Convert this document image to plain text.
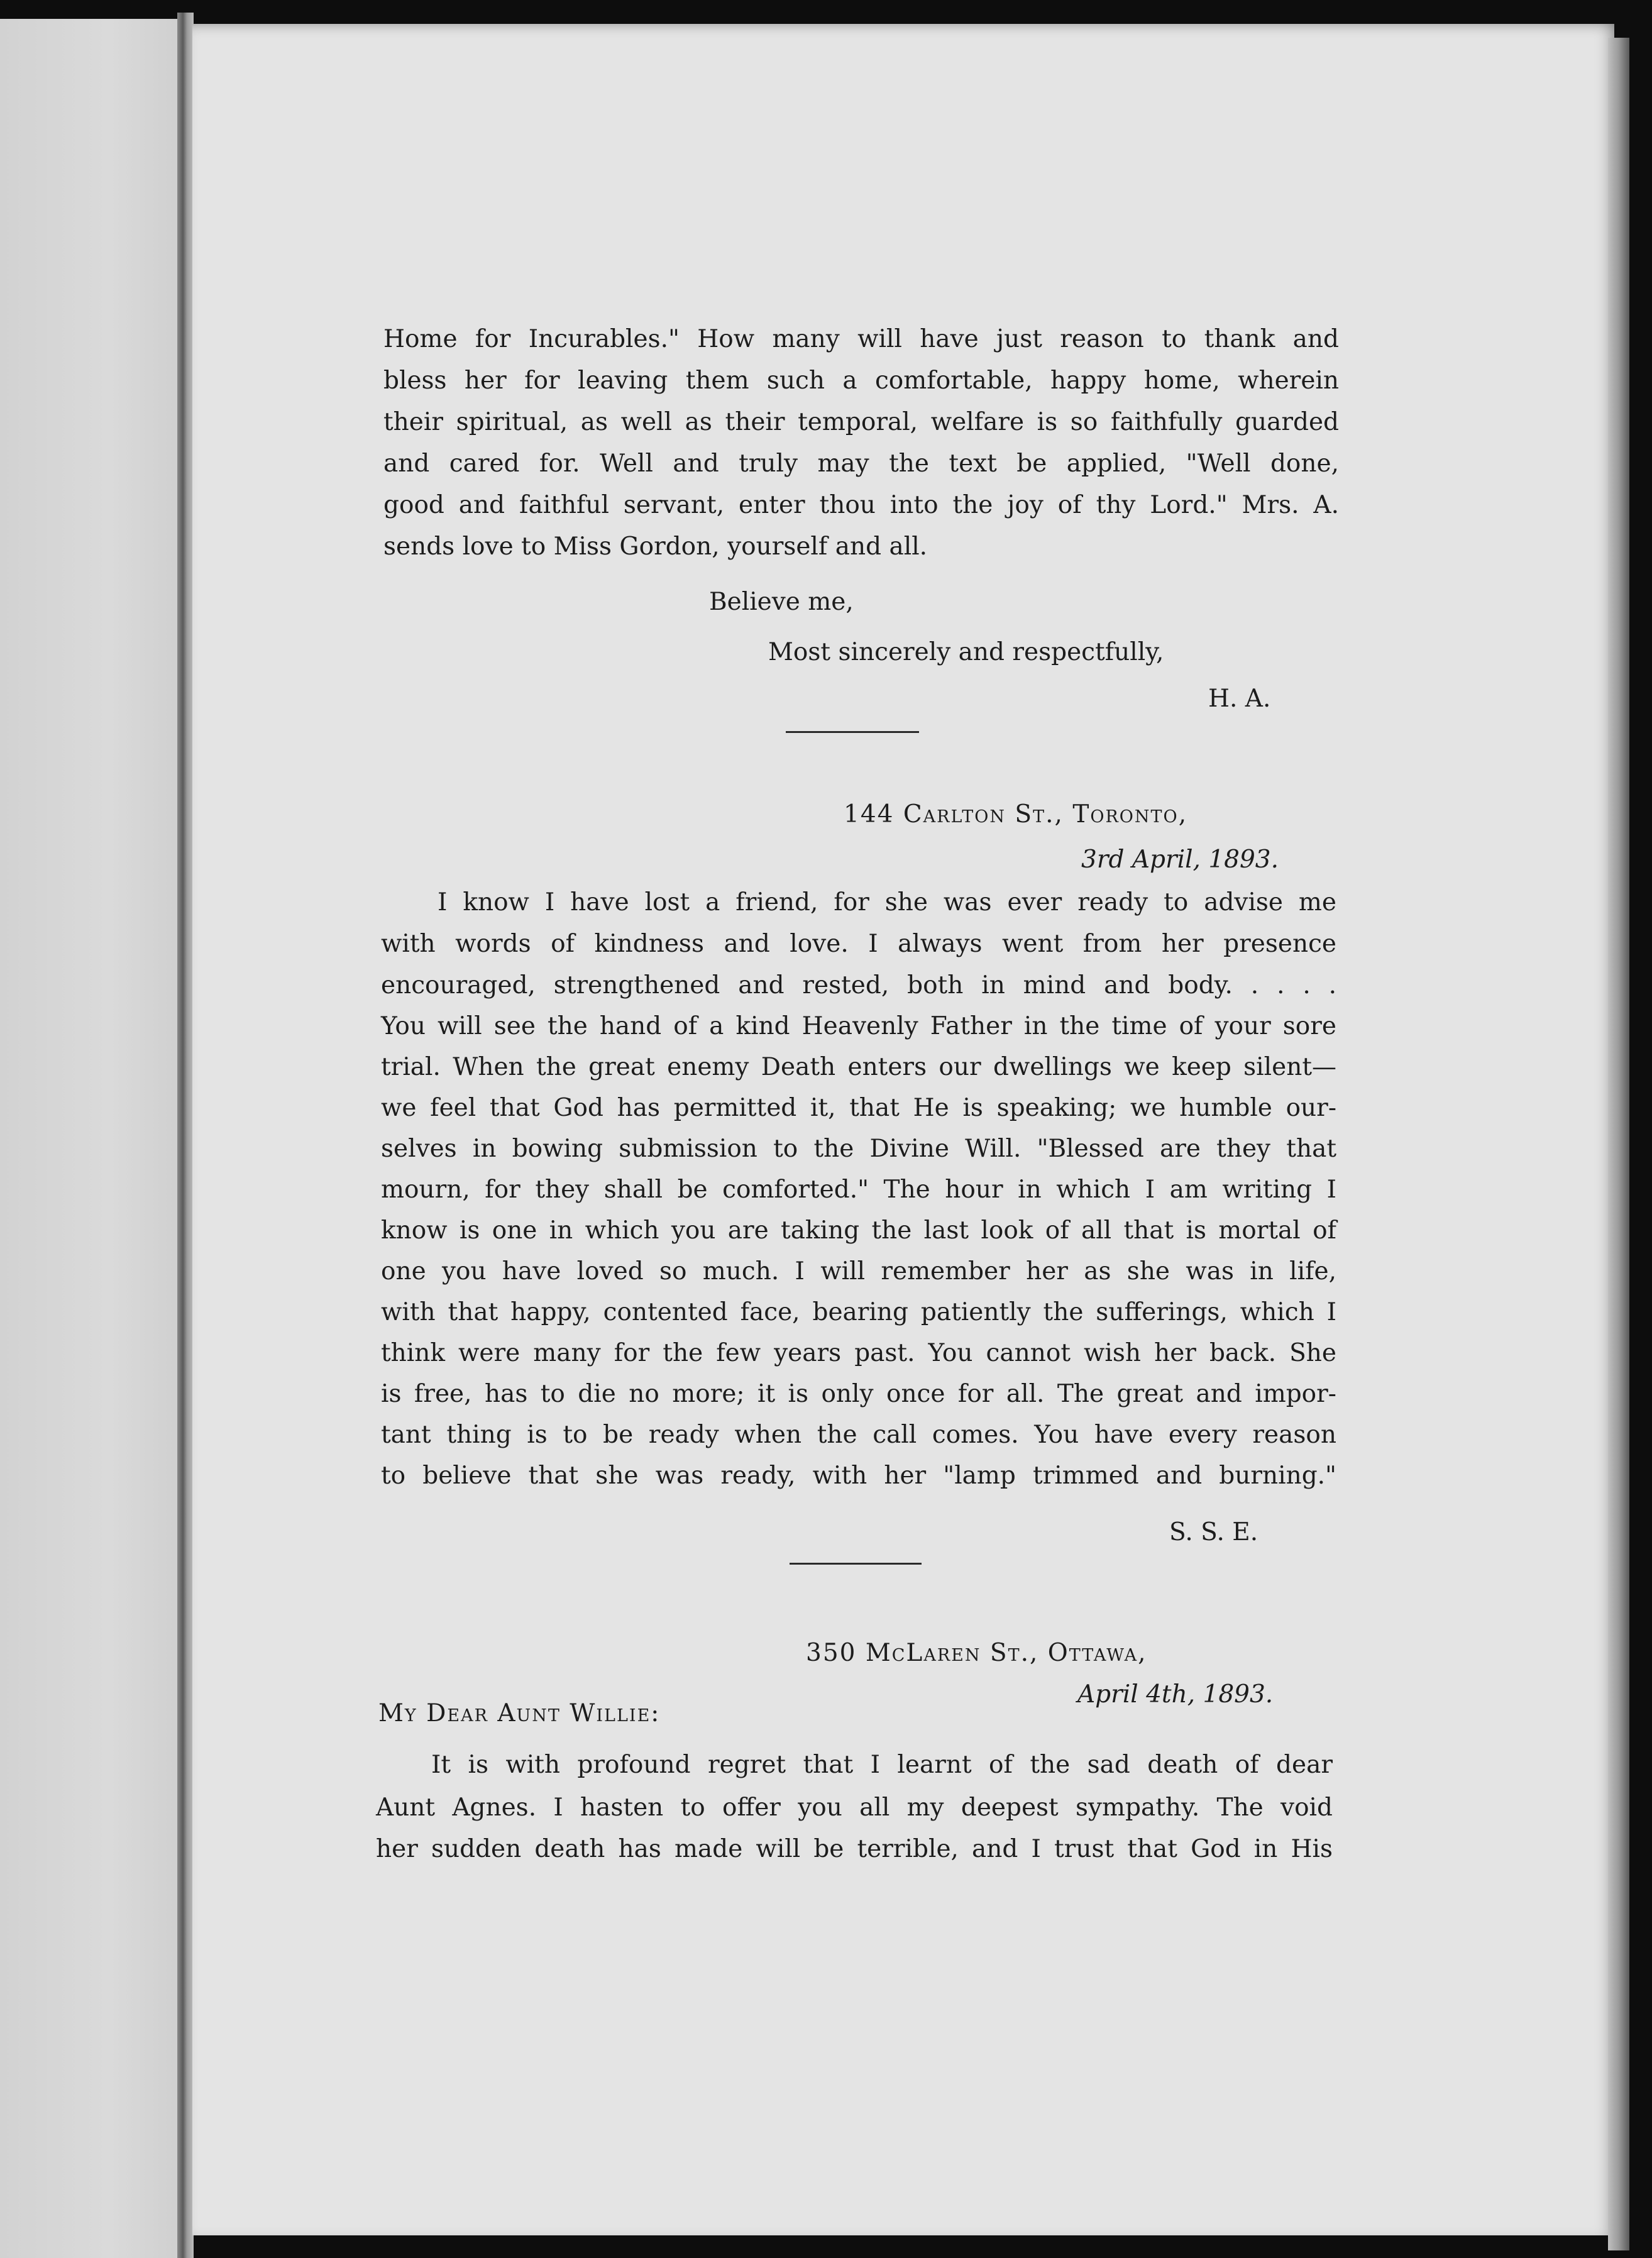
Home for Incurables." How many will have just reason to thank and

bless her for leaving them such a comfortable, happy home, wherein

their spiritual, as well as their temporal, welfare is so faithfully guarded

and cared for. Well and truly may the text be applied, "Well done,

good and faithful servant, enter thou into the joy of thy Lord." Mrs. A.

sends love to Miss Gordon, yourself and all.

Believe me,

Most sincerely and respectfully,

H. A.

144 Carlton St., Toronto,

3rd April, 1893.

I know I have lost a friend, for she was ever ready to advise me

with words of kindness and love. I always went from her presence

encouraged, strengthened and rested, both in mind and body. . . . .

You will see the hand of a kind Heavenly Father in the time of your sore

trial. When the great enemy Death enters our dwellings we keep silent—

we feel that God has permitted it, that He is speaking; we humble our-

selves in bowing submission to the Divine Will. "Blessed are they that

mourn, for they shall be comforted." The hour in which I am writing I

know is one in which you are taking the last look of all that is mortal of

one you have loved so much. I will remember her as she was in life,

with that happy, contented face, bearing patiently the sufferings, which I

think were many for the few years past. You cannot wish her back. She

is free, has to die no more; it is only once for all. The great and impor-

tant thing is to be ready when the call comes. You have every reason

to believe that she was ready, with her "lamp trimmed and burning."

S. S. E.

350 McLaren St., Ottawa,

April 4th, 1893.

My Dear Aunt Willie:

It is with profound regret that I learnt of the sad death of dear

Aunt Agnes. I hasten to offer you all my deepest sympathy. The void

her sudden death has made will be terrible, and I trust that God in His
